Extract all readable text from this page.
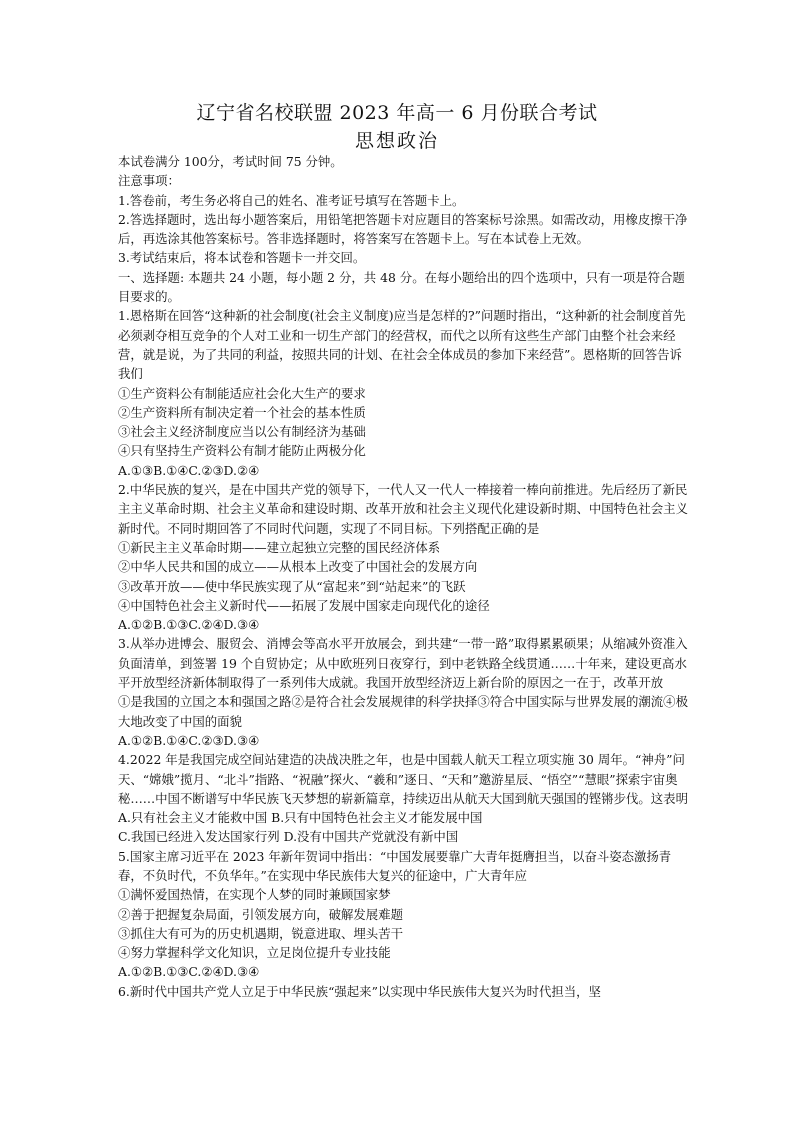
辽宁省名校联盟 2023 年高一 6 月份联合考试
思想政治
本试卷满分 100分，考试时间 75 分钟。
注意事项：
1.答卷前，考生务必将自己的姓名、准考证号填写在答题卡上。
2.答选择题时，选出每小题答案后，用铅笔把答题卡对应题目的答案标号涂黑。如需改动，用橡皮擦干净后，再选涂其他答案标号。答非选择题时，将答案写在答题卡上。写在本试卷上无效。
3.考试结束后，将本试卷和答题卡一并交回。
一、选择题: 本题共 24 小题，每小题 2 分，共 48 分。在每小题给出的四个选项中，只有一项是符合题目要求的。
1.恩格斯在回答“这种新的社会制度(社会主义制度)应当是怎样的?”问题时指出，“这种新的社会制度首先必须剥夺相互竞争的个人对工业和一切生产部门的经营权，而代之以所有这些生产部门由整个社会来经营，就是说，为了共同的利益，按照共同的计划、在社会全体成员的参加下来经营”。恩格斯的回答告诉我们
①生产资料公有制能适应社会化大生产的要求
②生产资料所有制决定着一个社会的基本性质
③社会主义经济制度应当以公有制经济为基础
④只有坚持生产资料公有制才能防止两极分化
A.①③B.①④C.②③D.②④
2.中华民族的复兴，是在中国共产党的领导下，一代人又一代人一棒接着一棒向前推进。先后经历了新民主主义革命时期、社会主义革命和建设时期、改革开放和社会主义现代化建设新时期、中国特色社会主义新时代。不同时期回答了不同时代问题，实现了不同目标。下列搭配正确的是
①新民主主义革命时期——建立起独立完整的国民经济体系
②中华人民共和国的成立——从根本上改变了中国社会的发展方向
③改革开放——使中华民族实现了从“富起来”到“站起来”的飞跃
④中国特色社会主义新时代——拓展了发展中国家走向现代化的途径
A.①②B.①③C.②④D.③④
3.从举办进博会、服贸会、消博会等高水平开放展会，到共建“一带一路”取得累累硕果；从缩减外资准入负面清单，到签署 19 个自贸协定；从中欧班列日夜穿行，到中老铁路全线贯通……十年来，建设更高水平开放型经济新体制取得了一系列伟大成就。我国开放型经济迈上新台阶的原因之一在于，改革开放
①是我国的立国之本和强国之路②是符合社会发展规律的科学抉择③符合中国实际与世界发展的潮流④极大地改变了中国的面貌
A.①②B.①④C.②③D.③④
4.2022 年是我国完成空间站建造的决战决胜之年，也是中国载人航天工程立项实施 30 周年。“神舟”问天、“嫦娥”揽月、“北斗”指路、“祝融”探火、“羲和”逐日、“天和”邀游星辰、“悟空”“慧眼”探索宇宙奥秘……中国不断谱写中华民族飞天梦想的崭新篇章，持续迈出从航天大国到航天强国的铿锵步伐。这表明
A.只有社会主义才能救中国 B.只有中国特色社会主义才能发展中国
C.我国已经进入发达国家行列 D.没有中国共产党就没有新中国
5.国家主席习近平在 2023 年新年贺词中指出：“中国发展要靠广大青年挺膺担当，以奋斗姿态激扬青春，不负时代，不负华年。”在实现中华民族伟大复兴的征途中，广大青年应
①满怀爱国热情，在实现个人梦的同时兼顾国家梦
②善于把握复杂局面，引领发展方向，破解发展难题
③抓住大有可为的历史机遇期，锐意进取、埋头苦干
④努力掌握科学文化知识，立足岗位提升专业技能
A.①②B.①③C.②④D.③④
6.新时代中国共产党人立足于中华民族“强起来”以实现中华民族伟大复兴为时代担当，坚
